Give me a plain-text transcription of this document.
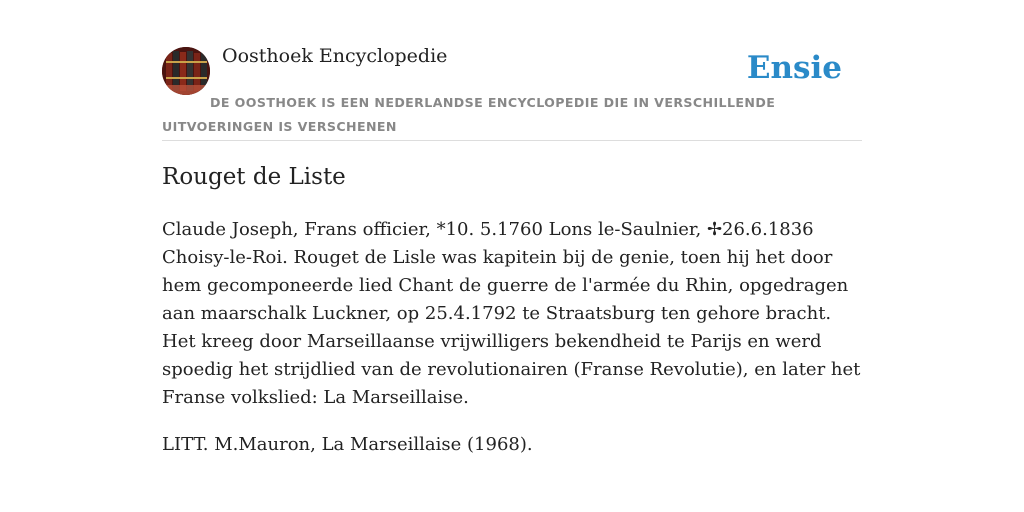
Oosthoek Encyclopedie	Ensie
DE OOSTHOEK IS EEN NEDERLANDSE ENCYCLOPEDIE DIE IN VERSCHILLENDE UITVOERINGEN IS VERSCHENEN
Rouget de Liste

Claude Joseph, Frans officier, *10. 5.1760 Lons le-Saulnier, ✢26.6.1836 Choisy-le-Roi. Rouget de Lisle was kapitein bij de genie, toen hij het door hem gecomponeerde lied Chant de guerre de l'armée du Rhin, opgedragen aan maarschalk Luckner, op 25.4.1792 te Straatsburg ten gehore bracht. Het kreeg door Marseillaanse vrijwilligers bekendheid te Parijs en werd spoedig het strijdlied van de revolutionairen (Franse Revolutie), en later het Franse volkslied: La Marseillaise.

LITT. M.Mauron, La Marseillaise (1968).
